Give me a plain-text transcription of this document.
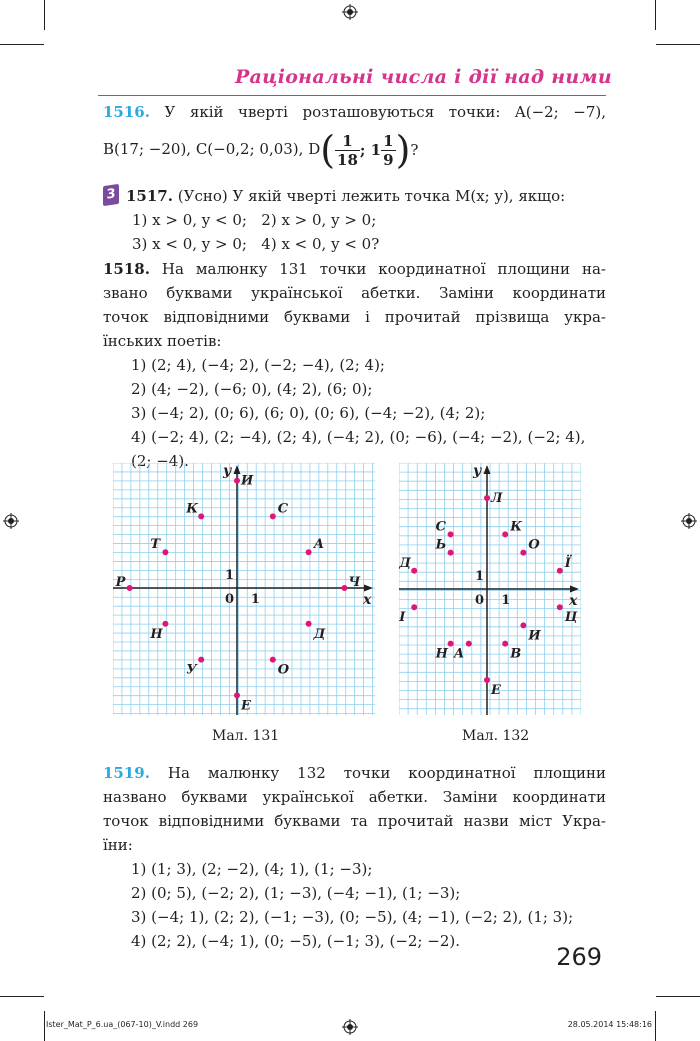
Раціональні числа і дії над ними
1516. У якій чверті розташовуються точки: A(−2; −7),
B(17; −20), C(−0,2; 0,03), $D( \frac{1}{18}$ ; $1 \frac{1}{9}$ )?
3 1517. (Усно) У якій чверті лежить точка M(x; y), якщо:
1) x > 0, y < 0;   2) x > 0, y > 0;
3) x < 0, y > 0;   4) x < 0, y < 0?
1518. На малюнку 131 точки координатної площини на-
звано буквами української абетки. Заміни координати
точок відповідними буквами і прочитай прізвища укра-
їнських поетів:
1) (2; 4), (−4; 2), (−2; −4), (2; 4);
2) (4; −2), (−6; 0), (4; 2), (6; 0);
3) (−4; 2), (0; 6), (6; 0), (0; 6), (−4; −2), (4; 2);
4) (−2; 4), (2; −4), (2; 4), (−4; 2), (0; −6), (−4; −2), (−2; 4),
(2; −4).
x
y
0 1
1
И
К	С
Т	А
Р	Ч
Н	Д
У	О
Е
Мал. 131
x
y
0 1
1
Л
С	К
Ь	О
Д	Ї
І	Ц
А
И
Н	В
Е
Мал. 132
1519. На малюнку 132 точки координатної площини
названо буквами української абетки. Заміни координати
точок відповідними буквами та прочитай назви міст Укра-
їни:
1) (1; 3), (2; −2), (4; 1), (1; −3);
2) (0; 5), (−2; 2), (1; −3), (−4; −1), (1; −3);
3) (−4; 1), (2; 2), (−1; −3), (0; −5), (4; −1), (−2; 2), (1; 3);
4) (2; 2), (−4; 1), (0; −5), (−1; 3), (−2; −2).
269
Ister_Mat_P_6.ua_(067-10)_V.indd 269	28.05.2014 15:48:16
